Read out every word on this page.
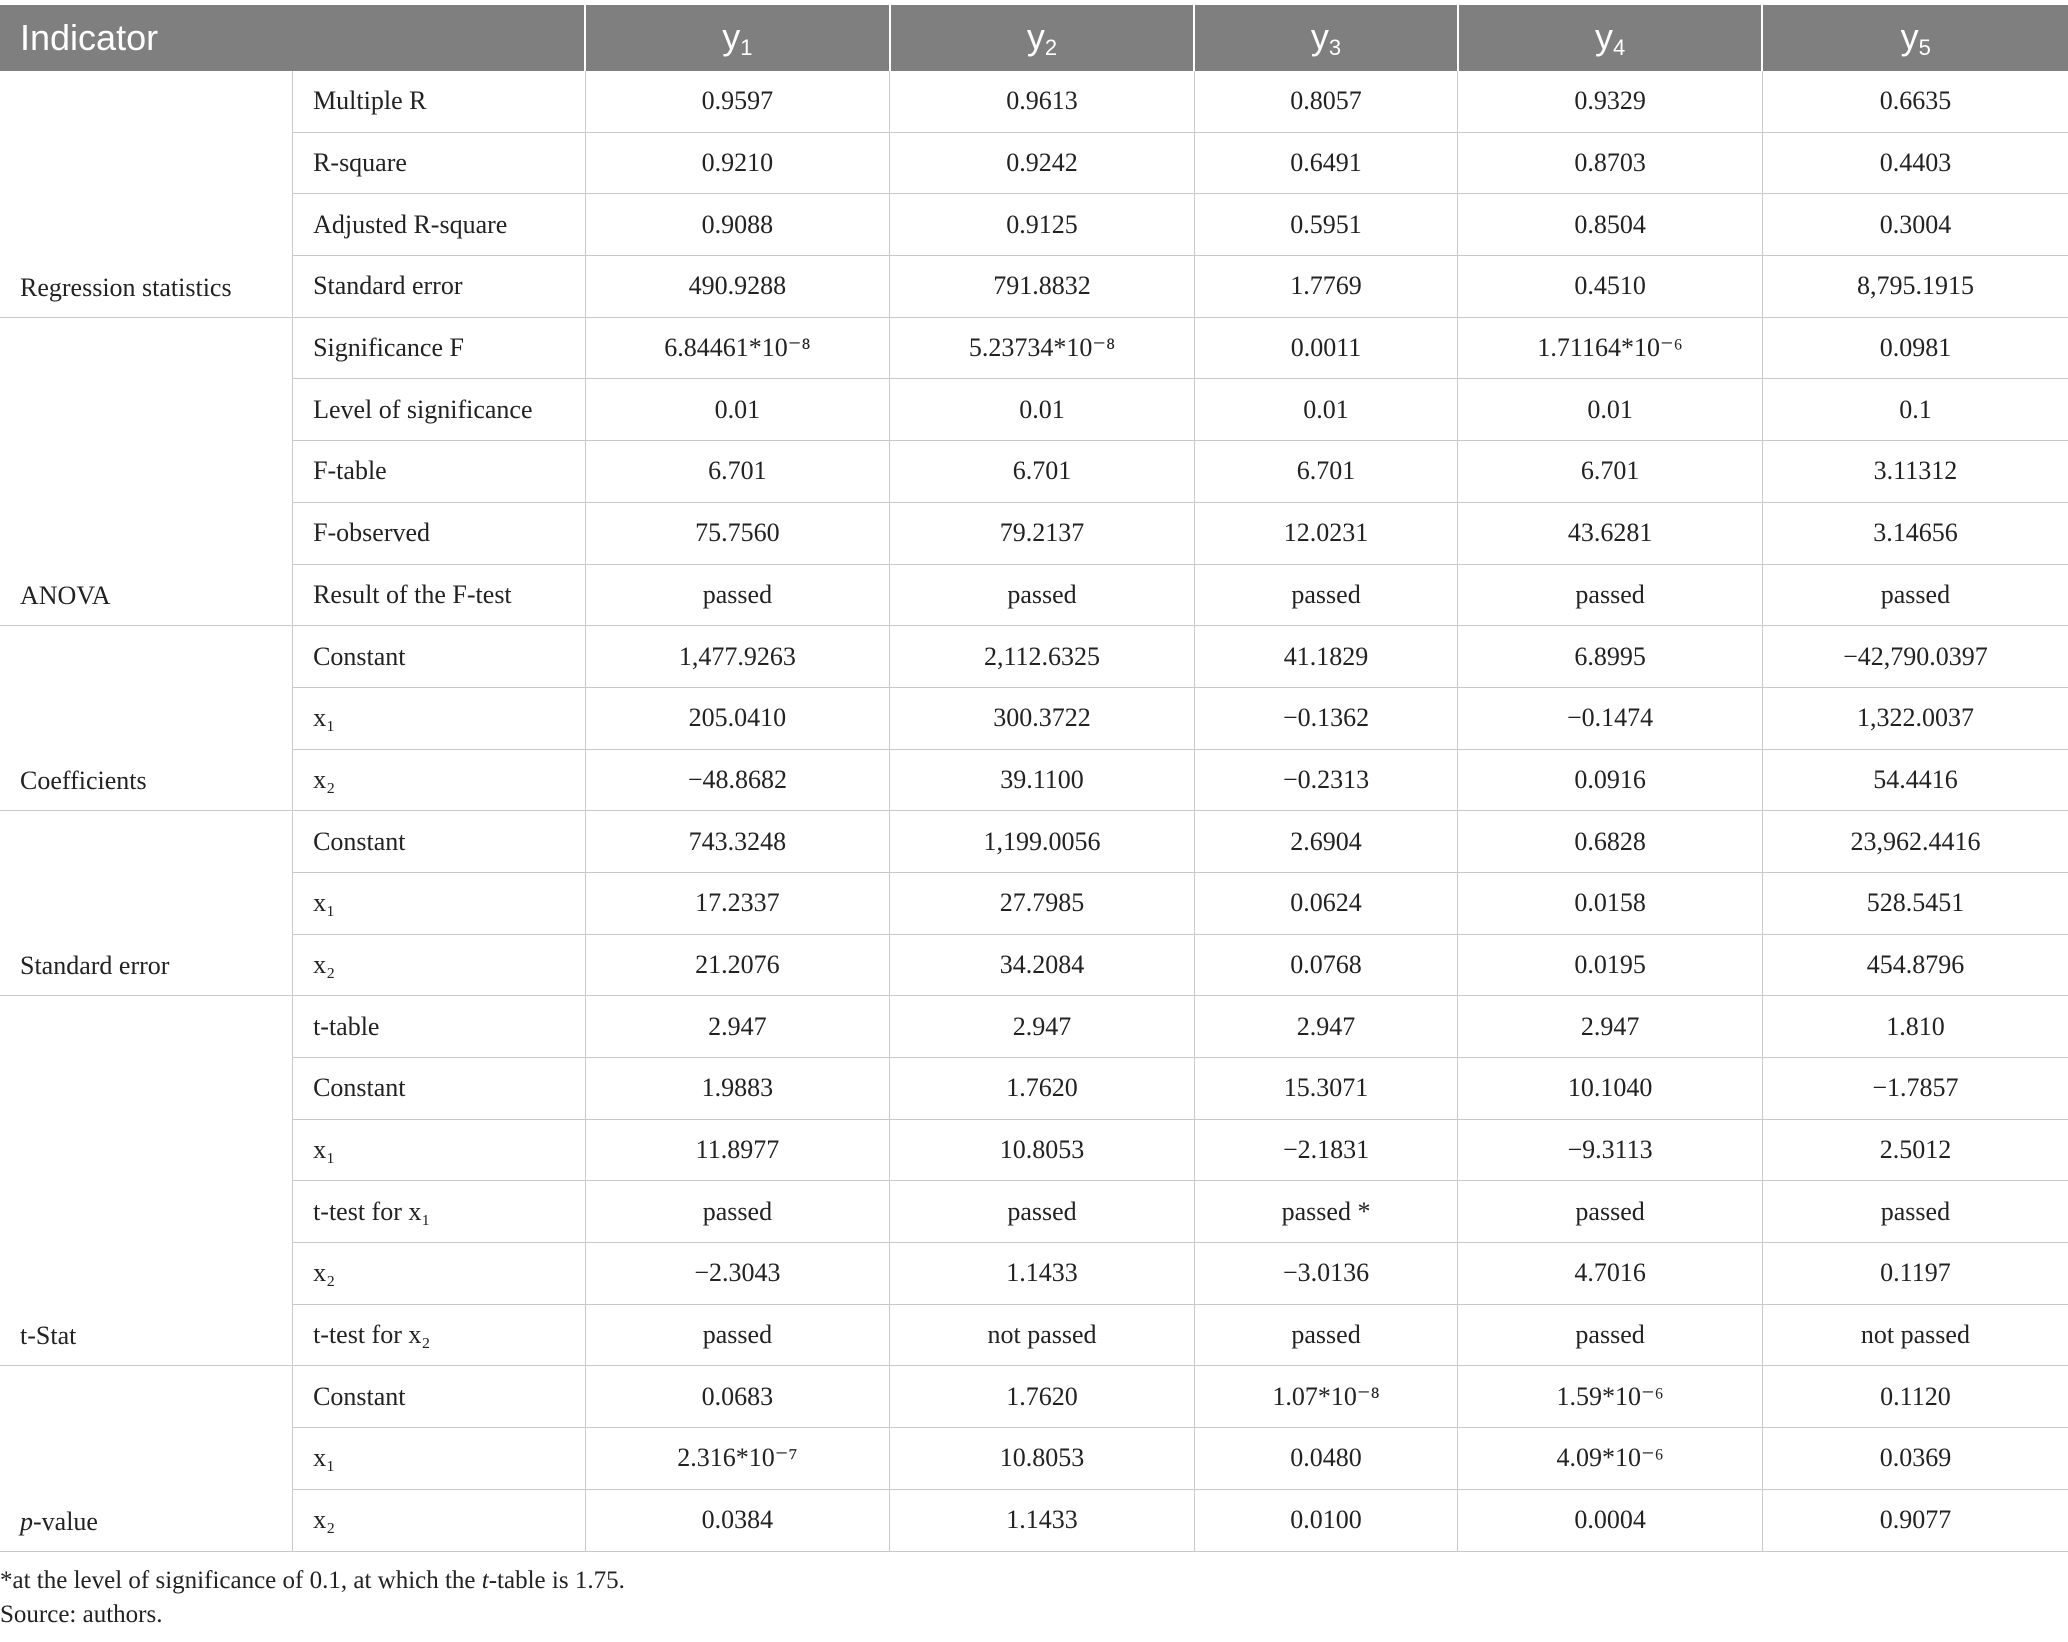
Indicator		$y_1$	$y_2$	$y_3$	$y_4$	$y_5$
Regression statistics	Multiple R	0.9597	0.9613	0.8057	0.9329	0.6635
	R-square	0.9210	0.9242	0.6491	0.8703	0.4403
	Adjusted R-square	0.9088	0.9125	0.5951	0.8504	0.3004
	Standard error	490.9288	791.8832	1.7769	0.4510	8,795.1915
ANOVA	Significance F	6.84461*10⁻⁸	5.23734*10⁻⁸	0.0011	1.71164*10⁻⁶	0.0981
	Level of significance	0.01	0.01	0.01	0.01	0.1
	F-table	6.701	6.701	6.701	6.701	3.11312
	F-observed	75.7560	79.2137	12.0231	43.6281	3.14656
	Result of the F-test	passed	passed	passed	passed	passed
Coefficients	Constant	1,477.9263	2,112.6325	41.1829	6.8995	−42,790.0397
	x₁	205.0410	300.3722	−0.1362	−0.1474	1,322.0037
	x₂	−48.8682	39.1100	−0.2313	0.0916	54.4416
Standard error	Constant	743.3248	1,199.0056	2.6904	0.6828	23,962.4416
	x₁	17.2337	27.7985	0.0624	0.0158	528.5451
	x₂	21.2076	34.2084	0.0768	0.0195	454.8796
t-Stat	t-table	2.947	2.947	2.947	2.947	1.810
	Constant	1.9883	1.7620	15.3071	10.1040	−1.7857
	x₁	11.8977	10.8053	−2.1831	−9.3113	2.5012
	t-test for x₁	passed	passed	passed *	passed	passed
	x₂	−2.3043	1.1433	−3.0136	4.7016	0.1197
	t-test for x₂	passed	not passed	passed	passed	not passed
p-value	Constant	0.0683	1.7620	1.07*10⁻⁸	1.59*10⁻⁶	0.1120
	x₁	2.316*10⁻⁷	10.8053	0.0480	4.09*10⁻⁶	0.0369
	x₂	0.0384	1.1433	0.0100	0.0004	0.9077
*at the level of significance of 0.1, at which the t-table is 1.75.
Source: authors.
